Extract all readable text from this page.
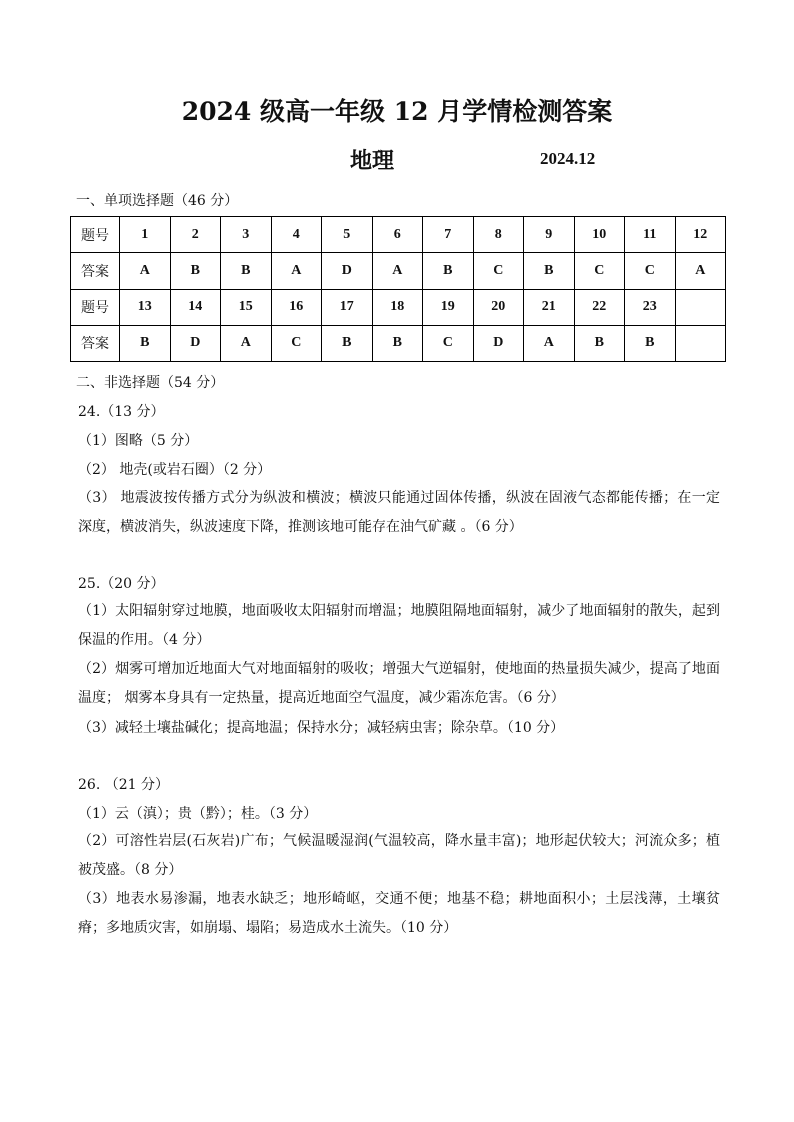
2024 级高一年级 12 月学情检测答案
地理	2024.12
一、单项选择题（46 分）
题号	1	2	3	4	5	6	7	8	9	10	11	12
答案	A	B	B	A	D	A	B	C	B	C	C	A
题号	13	14	15	16	17	18	19	20	21	22	23	
答案	B	D	A	C	B	B	C	D	A	B	B	
二、非选择题（54 分）
24.（13 分）
（1）图略（5 分）
（2） 地壳(或岩石圈）（2 分）
（3） 地震波按传播方式分为纵波和横波；横波只能通过固体传播，纵波在固液气态都能传播；在一定深度，横波消失，纵波速度下降，推测该地可能存在油气矿藏 。（6 分）
25.（20 分）
（1）太阳辐射穿过地膜，地面吸收太阳辐射而增温；地膜阻隔地面辐射，减少了地面辐射的散失，起到保温的作用。（4 分）
（2）烟雾可增加近地面大气对地面辐射的吸收；增强大气逆辐射，使地面的热量损失减少，提高了地面温度； 烟雾本身具有一定热量，提高近地面空气温度，减少霜冻危害。（6 分）
（3）减轻土壤盐碱化；提高地温；保持水分；减轻病虫害；除杂草。（10 分）
26. （21 分）
（1）云（滇）；贵（黔）；桂。（3 分）
（2）可溶性岩层(石灰岩)广布；气候温暖湿润(气温较高，降水量丰富)；地形起伏较大；河流众多；植被茂盛。（8 分）
（3）地表水易渗漏，地表水缺乏；地形崎岖，交通不便；地基不稳；耕地面积小；土层浅薄，土壤贫瘠；多地质灾害，如崩塌、塌陷；易造成水土流失。（10 分）
